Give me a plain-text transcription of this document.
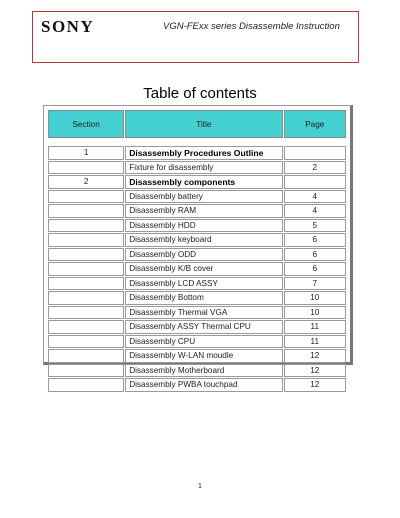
SONY	VGN-FExx series Disassemble Instruction
Table of contents
Section	Title	Page

1	Disassembly Procedures Outline	
	Fixture for disassembly	2
2	Disassembly components	
	Disassembly battery	4
	Disassembly RAM	4
	Disassembly HDD	5
	Disassembly keyboard	6
	Disassembly ODD	6
	Disassembly K/B cover	6
	Disassembly LCD ASSY	7
	Disassembly Bottom	10
	Disassembly Thermal VGA	10
	Disassembly ASSY Thermal CPU	11
	Disassembly CPU	11
	Disassembly W-LAN moudle	12
	Disassembly Motherboard	12
	Disassembly PWBA touchpad	12
1
